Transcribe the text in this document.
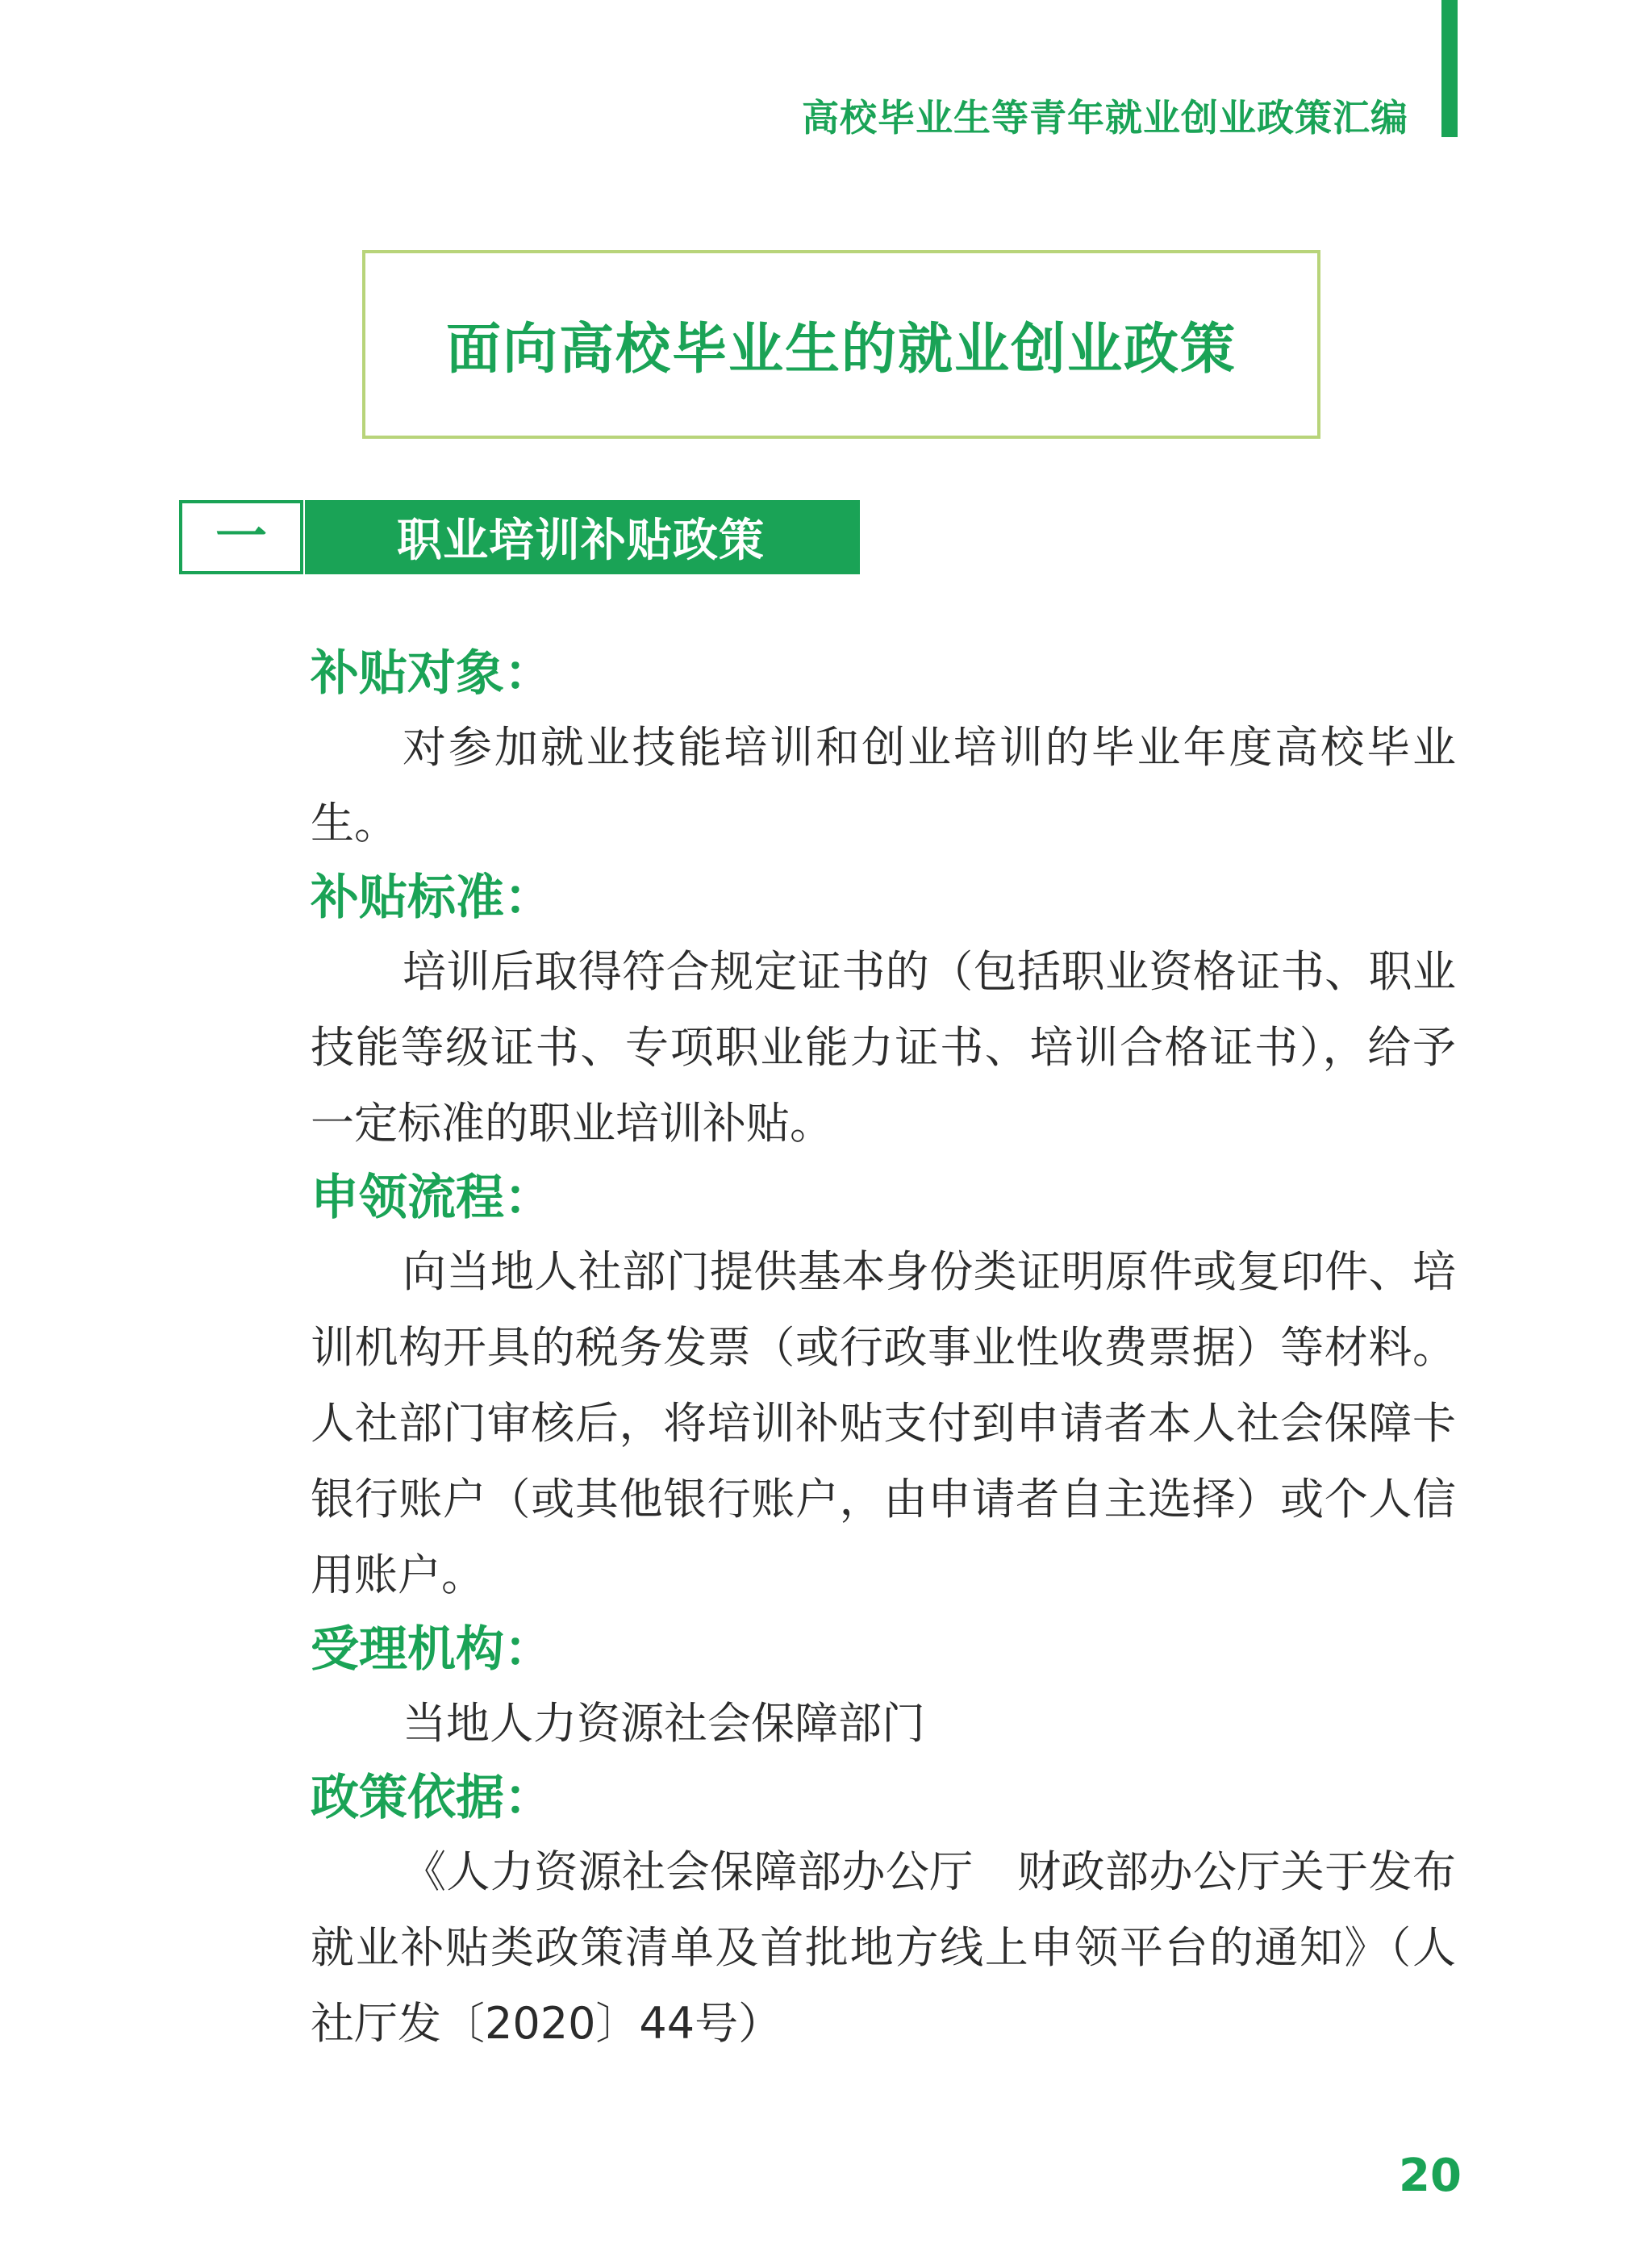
高校毕业生等青年就业创业政策汇编
面向高校毕业生的就业创业政策
一	职业培训补贴政策
补贴对象：

对参加就业技能培训和创业培训的毕业年度高校毕业生。

补贴标准：

培训后取得符合规定证书的（包括职业资格证书、职业技能等级证书、专项职业能力证书、培训合格证书），给予一定标准的职业培训补贴。

申领流程：

向当地人社部门提供基本身份类证明原件或复印件、培训机构开具的税务发票（或行政事业性收费票据）等材料。人社部门审核后，将培训补贴支付到申请者本人社会保障卡银行账户（或其他银行账户，由申请者自主选择）或个人信用账户。

受理机构：

当地人力资源社会保障部门

政策依据：

《人力资源社会保障部办公厅　财政部办公厅关于发布就业补贴类政策清单及首批地方线上申领平台的通知》（人社厅发〔2020〕44号）

20
